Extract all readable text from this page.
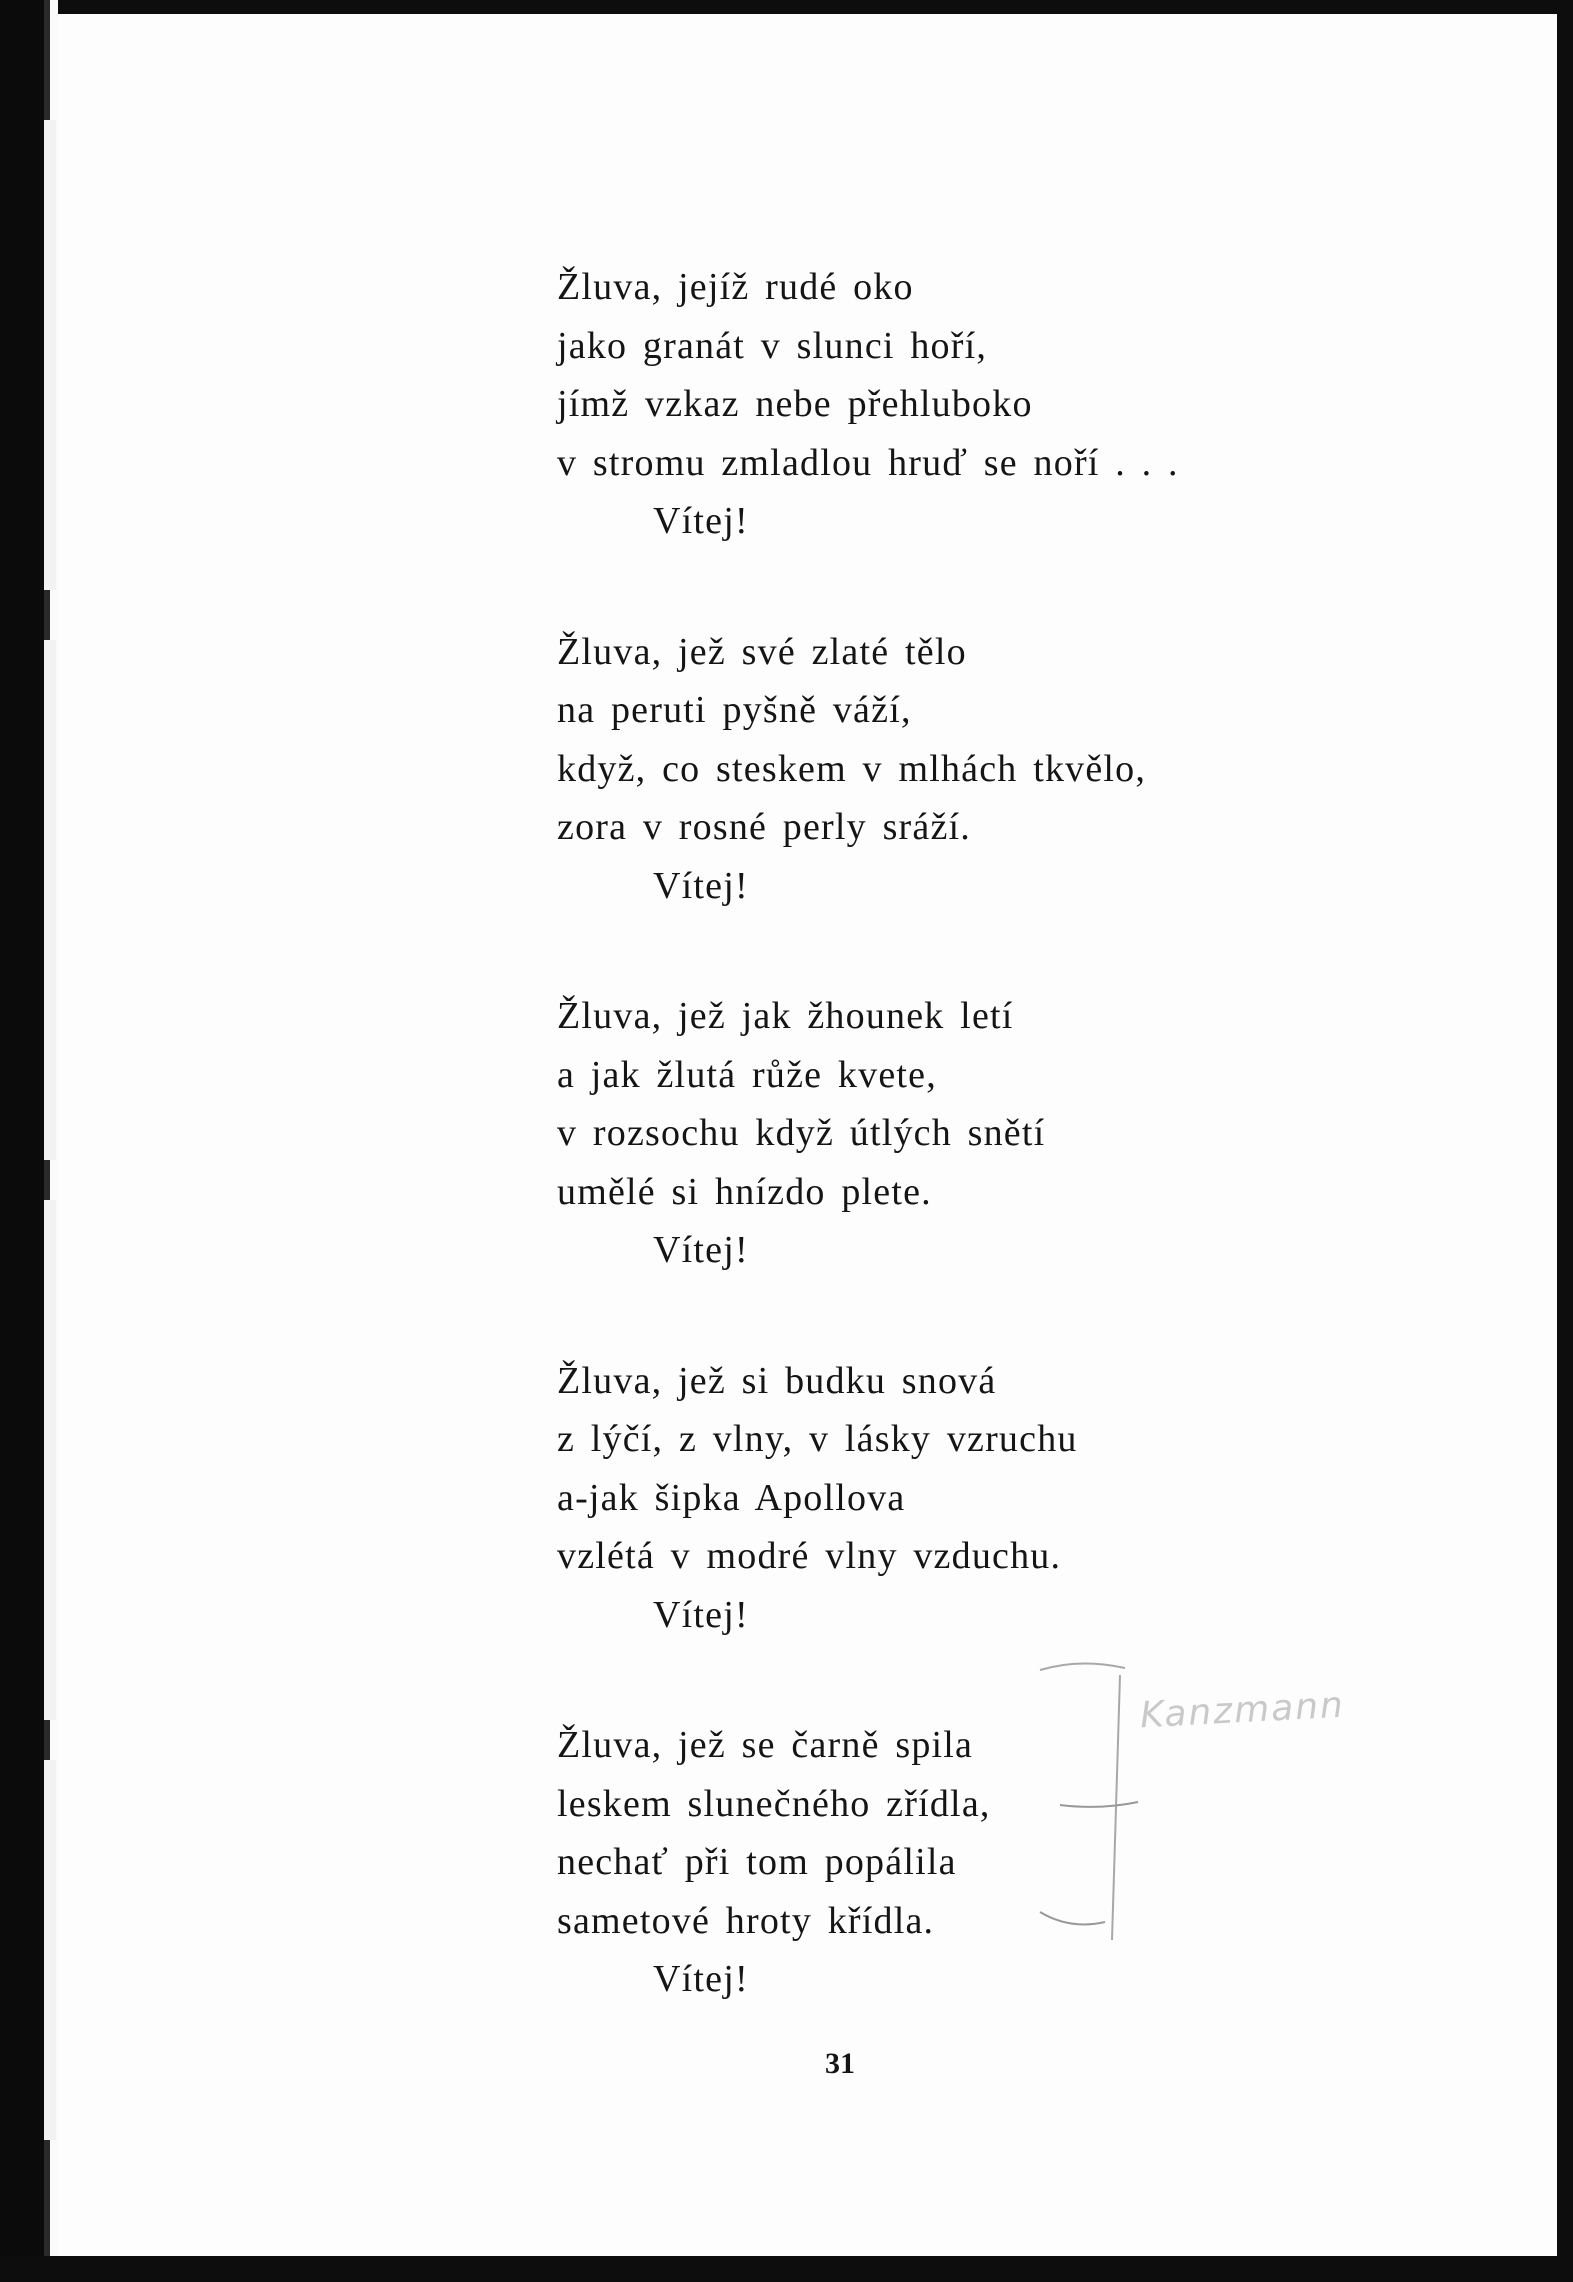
Žluva, jejíž rudé oko
jako granát v slunci hoří,
jímž vzkaz nebe přehluboko
v stromu zmladlou hruď se noří . . .
Vítej!
Žluva, jež své zlaté tělo
na peruti pyšně váží,
když, co steskem v mlhách tkvělo,
zora v rosné perly sráží.
Vítej!
Žluva, jež jak žhounek letí
a jak žlutá růže kvete,
v rozsochu když útlých snětí
umělé si hnízdo plete.
Vítej!
Žluva, jež si budku snová
z lýčí, z vlny, v lásky vzruchu
a-jak šipka Apollova
vzlétá v modré vlny vzduchu.
Vítej!
Žluva, jež se čarně spila
leskem slunečného zřídla,
nechať při tom popálila
sametové hroty křídla.
Vítej!
Kanzmann
31
